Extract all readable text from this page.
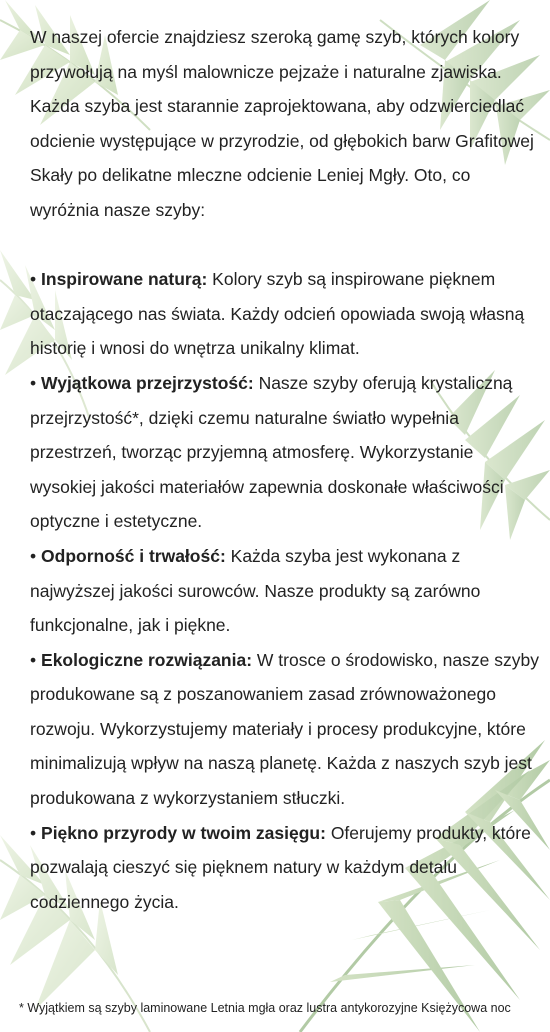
W naszej ofercie znajdziesz szeroką gamę szyb, których kolory przywołują na myśl malownicze pejzaże i naturalne zjawiska. Każda szyba jest starannie zaprojektowana, aby odzwierciedlać odcienie występujące w przyrodzie, od głębokich barw Grafitowej Skały po delikatne mleczne odcienie Leniej Mgły. Oto, co wyróżnia nasze szyby:

• Inspirowane naturą: Kolory szyb są inspirowane pięknem otaczającego nas świata. Każdy odcień opowiada swoją własną historię i wnosi do wnętrza unikalny klimat.

• Wyjątkowa przejrzystość: Nasze szyby oferują krystaliczną przejrzystość*, dzięki czemu naturalne światło wypełnia przestrzeń, tworząc przyjemną atmosferę. Wykorzystanie wysokiej jakości materiałów zapewnia doskonałe właściwości optyczne i estetyczne.

• Odporność i trwałość: Każda szyba jest wykonana z najwyższej jakości surowców. Nasze produkty są zarówno funkcjonalne, jak i piękne.

• Ekologiczne rozwiązania: W trosce o środowisko, nasze szyby produkowane są z poszanowaniem zasad zrównoważonego rozwoju. Wykorzystujemy materiały i procesy produkcyjne, które minimalizują wpływ na naszą planetę. Każda z naszych szyb jest produkowana z wykorzystaniem stłuczki.

• Piękno przyrody w twoim zasięgu: Oferujemy produkty, które pozwalają cieszyć się pięknem natury w każdym detalu codziennego życia.

* Wyjątkiem są szyby laminowane Letnia mgła oraz lustra antykorozyjne Księżycowa noc
